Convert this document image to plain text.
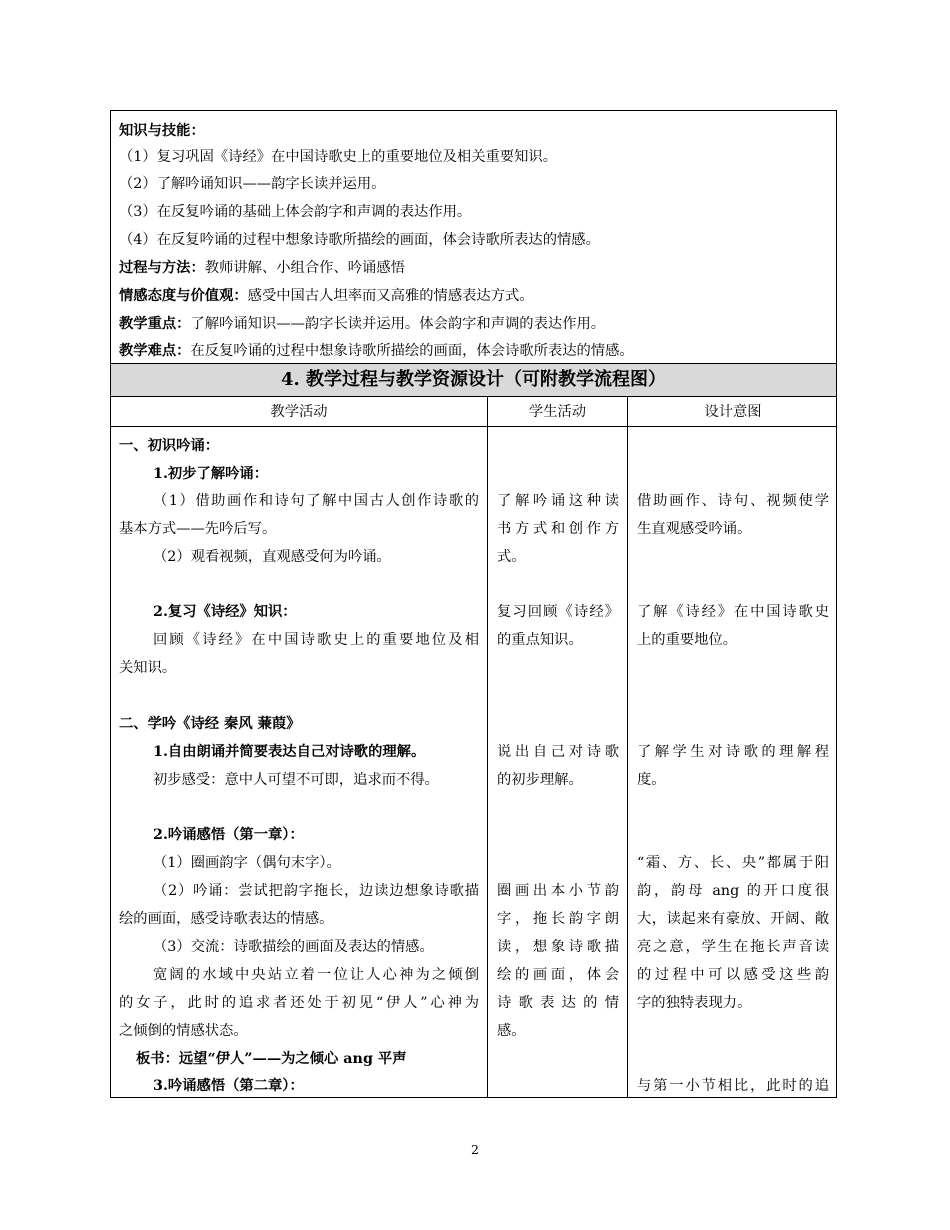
知识与技能：
（1）复习巩固《诗经》在中国诗歌史上的重要地位及相关重要知识。
（2）了解吟诵知识——韵字长读并运用。
（3）在反复吟诵的基础上体会韵字和声调的表达作用。
（4）在反复吟诵的过程中想象诗歌所描绘的画面，体会诗歌所表达的情感。
过程与方法：教师讲解、小组合作、吟诵感悟
情感态度与价值观：感受中国古人坦率而又高雅的情感表达方式。
教学重点：了解吟诵知识——韵字长读并运用。体会韵字和声调的表达作用。
教学难点：在反复吟诵的过程中想象诗歌所描绘的画面，体会诗歌所表达的情感。
4. 教学过程与教学资源设计（可附教学流程图）
教学活动	学生活动	设计意图
一、初识吟诵：
1.初步了解吟诵：
（1）借助画作和诗句了解中国古人创作诗歌的
基本方式——先吟后写。
（2）观看视频，直观感受何为吟诵。
2.复习《诗经》知识：
回顾《诗经》在中国诗歌史上的重要地位及相
关知识。
二、学吟《诗经 秦风 蒹葭》
1.自由朗诵并简要表达自己对诗歌的理解。
初步感受：意中人可望不可即，追求而不得。
2.吟诵感悟（第一章）：
（1）圈画韵字（偶句末字）。
（2）吟诵：尝试把韵字拖长，边读边想象诗歌描
绘的画面，感受诗歌表达的情感。
（3）交流：诗歌描绘的画面及表达的情感。
宽阔的水域中央站立着一位让人心神为之倾倒
的女子，此时的追求者还处于初见“伊人”心神为
之倾倒的情感状态。
板书：远望“伊人”——为之倾心 ang 平声
3.吟诵感悟（第二章）：
了解吟诵这种读
书方式和创作方
式。
复习回顾《诗经》
的重点知识。
说出自己对诗歌
的初步理解。
圈画出本小节韵
字，拖长韵字朗
读，想象诗歌描
绘的画面，体会
诗歌表达的情
感。
借助画作、诗句、视频使学
生直观感受吟诵。
了解《诗经》在中国诗歌史
上的重要地位。
了解学生对诗歌的理解程
度。
“霜、方、长、央”都属于阳
韵，韵母 ang 的开口度很
大，读起来有豪放、开阔、敞
亮之意，学生在拖长声音读
的过程中可以感受这些韵
字的独特表现力。
与第一小节相比，此时的追
2
